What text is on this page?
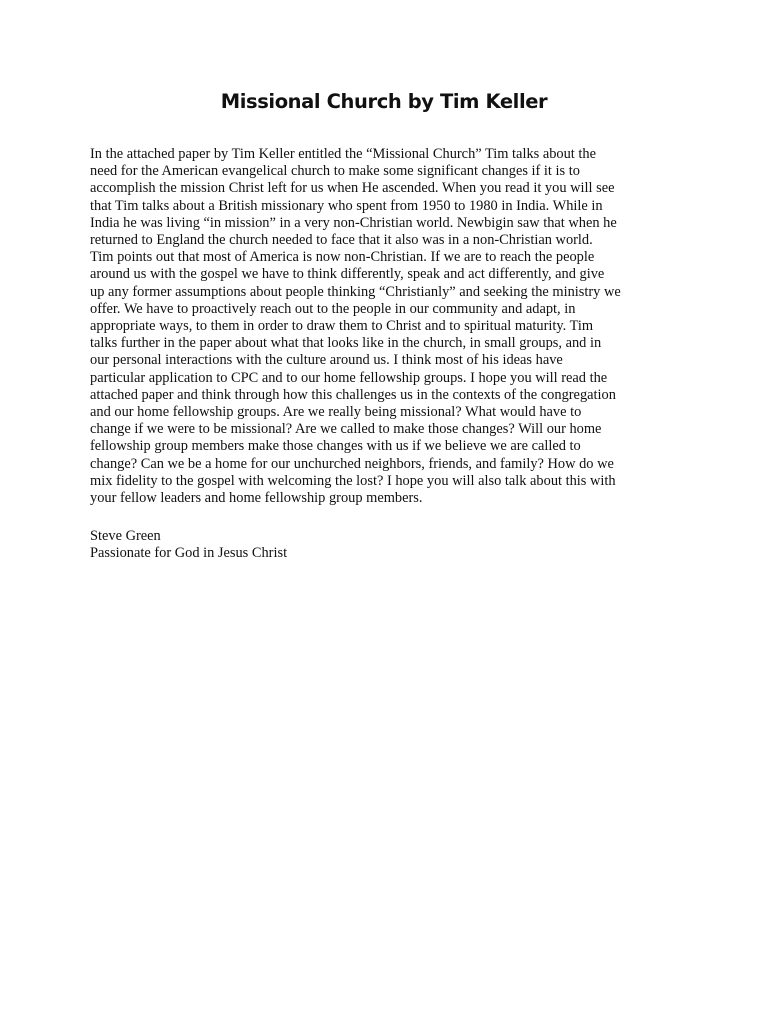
Missional Church by Tim Keller
In the attached paper by Tim Keller entitled the “Missional Church” Tim talks about the
need for the American evangelical church to make some significant changes if it is to
accomplish the mission Christ left for us when He ascended. When you read it you will see
that Tim talks about a British missionary who spent from 1950 to 1980 in India. While in
India he was living “in mission” in a very non-Christian world. Newbigin saw that when he
returned to England the church needed to face that it also was in a non-Christian world.
Tim points out that most of America is now non-Christian. If we are to reach the people
around us with the gospel we have to think differently, speak and act differently, and give
up any former assumptions about people thinking “Christianly” and seeking the ministry we
offer. We have to proactively reach out to the people in our community and adapt, in
appropriate ways, to them in order to draw them to Christ and to spiritual maturity. Tim
talks further in the paper about what that looks like in the church, in small groups, and in
our personal interactions with the culture around us. I think most of his ideas have
particular application to CPC and to our home fellowship groups. I hope you will read the
attached paper and think through how this challenges us in the contexts of the congregation
and our home fellowship groups. Are we really being missional? What would have to
change if we were to be missional? Are we called to make those changes? Will our home
fellowship group members make those changes with us if we believe we are called to
change? Can we be a home for our unchurched neighbors, friends, and family? How do we
mix fidelity to the gospel with welcoming the lost? I hope you will also talk about this with
your fellow leaders and home fellowship group members.
Steve Green
Passionate for God in Jesus Christ
